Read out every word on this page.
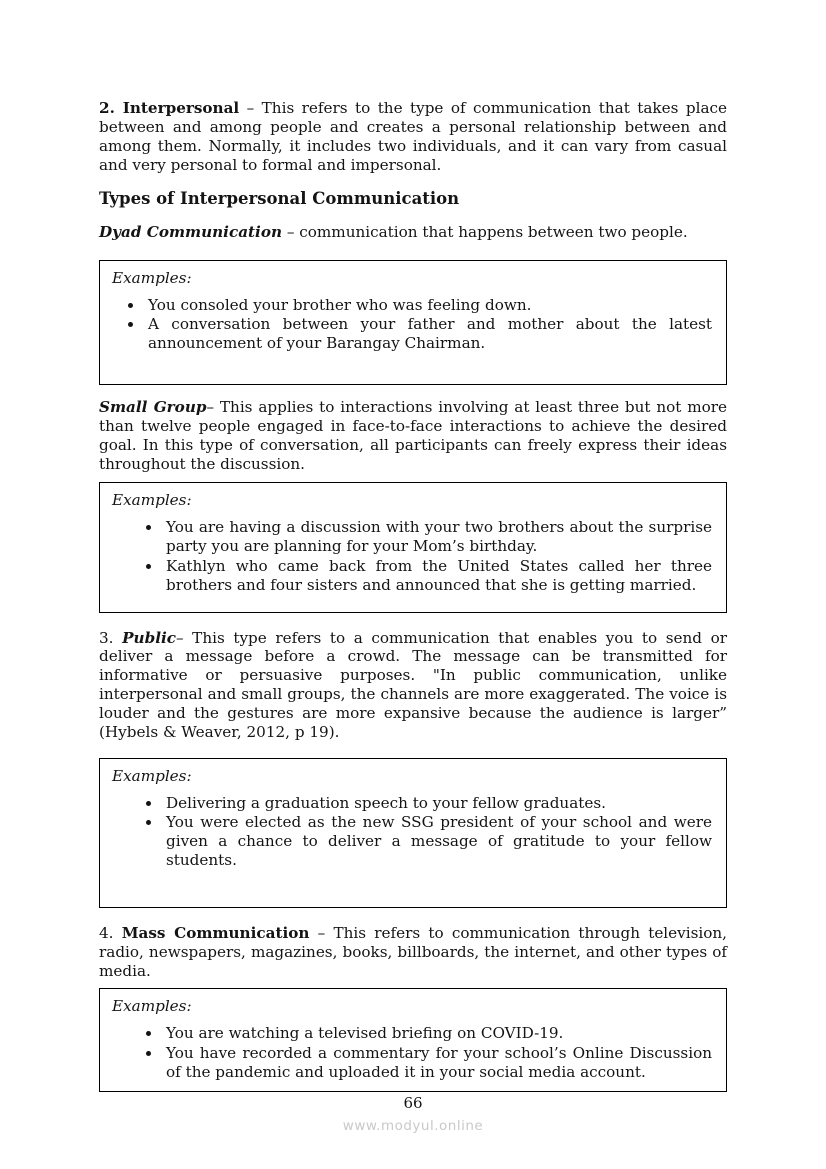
2. Interpersonal – This refers to the type of communication that takes place between and among people and creates a personal relationship between and among them. Normally, it includes two individuals, and it can vary from casual and very personal to formal and impersonal.

Types of Interpersonal Communication

Dyad Communication – communication that happens between two people.

Examples:
• You consoled your brother who was feeling down.
• A conversation between your father and mother about the latest announcement of your Barangay Chairman.

Small Group– This applies to interactions involving at least three but not more than twelve people engaged in face-to-face interactions to achieve the desired goal. In this type of conversation, all participants can freely express their ideas throughout the discussion.

Examples:
• You are having a discussion with your two brothers about the surprise party you are planning for your Mom’s birthday.
• Kathlyn who came back from the United States called her three brothers and four sisters and announced that she is getting married.

3. Public– This type refers to a communication that enables you to send or deliver a message before a crowd. The message can be transmitted for informative or persuasive purposes. "In public communication, unlike interpersonal and small groups, the channels are more exaggerated. The voice is louder and the gestures are more expansive because the audience is larger” (Hybels & Weaver, 2012, p 19).

Examples:
• Delivering a graduation speech to your fellow graduates.
• You were elected as the new SSG president of your school and were given a chance to deliver a message of gratitude to your fellow students.

4. Mass Communication – This refers to communication through television, radio, newspapers, magazines, books, billboards, the internet, and other types of media.

Examples:
• You are watching a televised briefing on COVID-19.
• You have recorded a commentary for your school’s Online Discussion of the pandemic and uploaded it in your social media account.
66
www.modyul.online
